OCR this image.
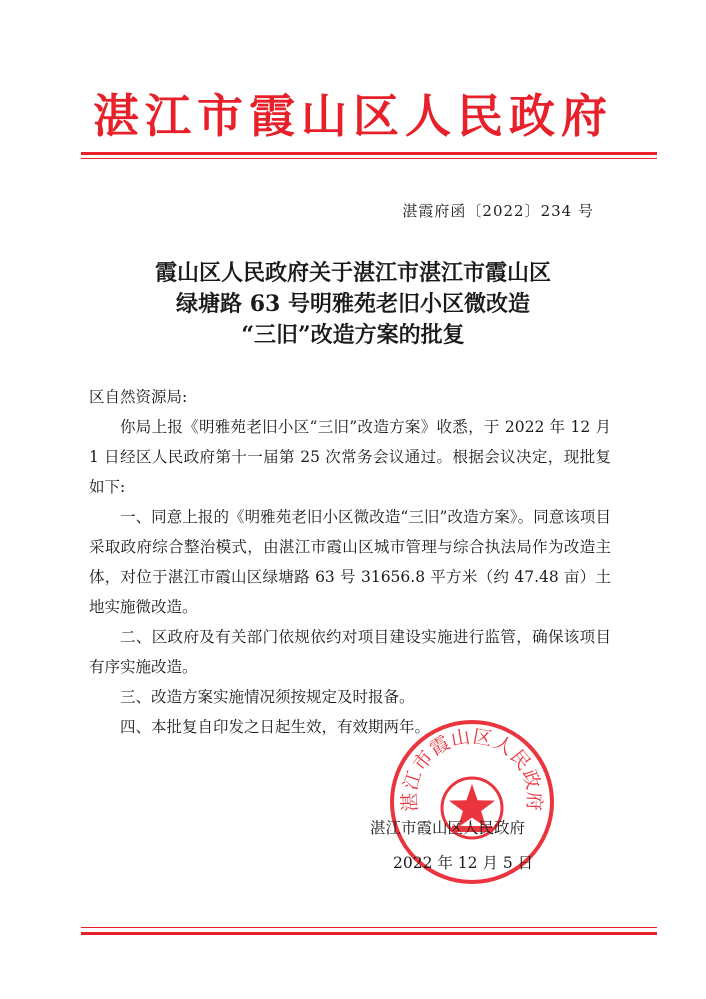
湛江市霞山区人民政府
湛霞府函〔2022〕234 号
霞山区人民政府关于湛江市湛江市霞山区
绿塘路 63 号明雅苑老旧小区微改造
“三旧”改造方案的批复

区自然资源局:

你局上报《明雅苑老旧小区“三旧”改造方案》收悉，于 2022 年 12 月 1 日经区人民政府第十一届第 25 次常务会议通过。根据会议决定，现批复如下:

一、同意上报的《明雅苑老旧小区微改造“三旧”改造方案》。同意该项目采取政府综合整治模式，由湛江市霞山区城市管理与综合执法局作为改造主体，对位于湛江市霞山区绿塘路 63 号 31656.8 平方米（约 47.48 亩）土地实施微改造。

二、区政府及有关部门依规依约对项目建设实施进行监管，确保该项目有序实施改造。

三、改造方案实施情况须按规定及时报备。

四、本批复自印发之日起生效，有效期两年。

湛江市霞山区人民政府
湛江市霞山区人民政府
2022 年 12 月 5 日
